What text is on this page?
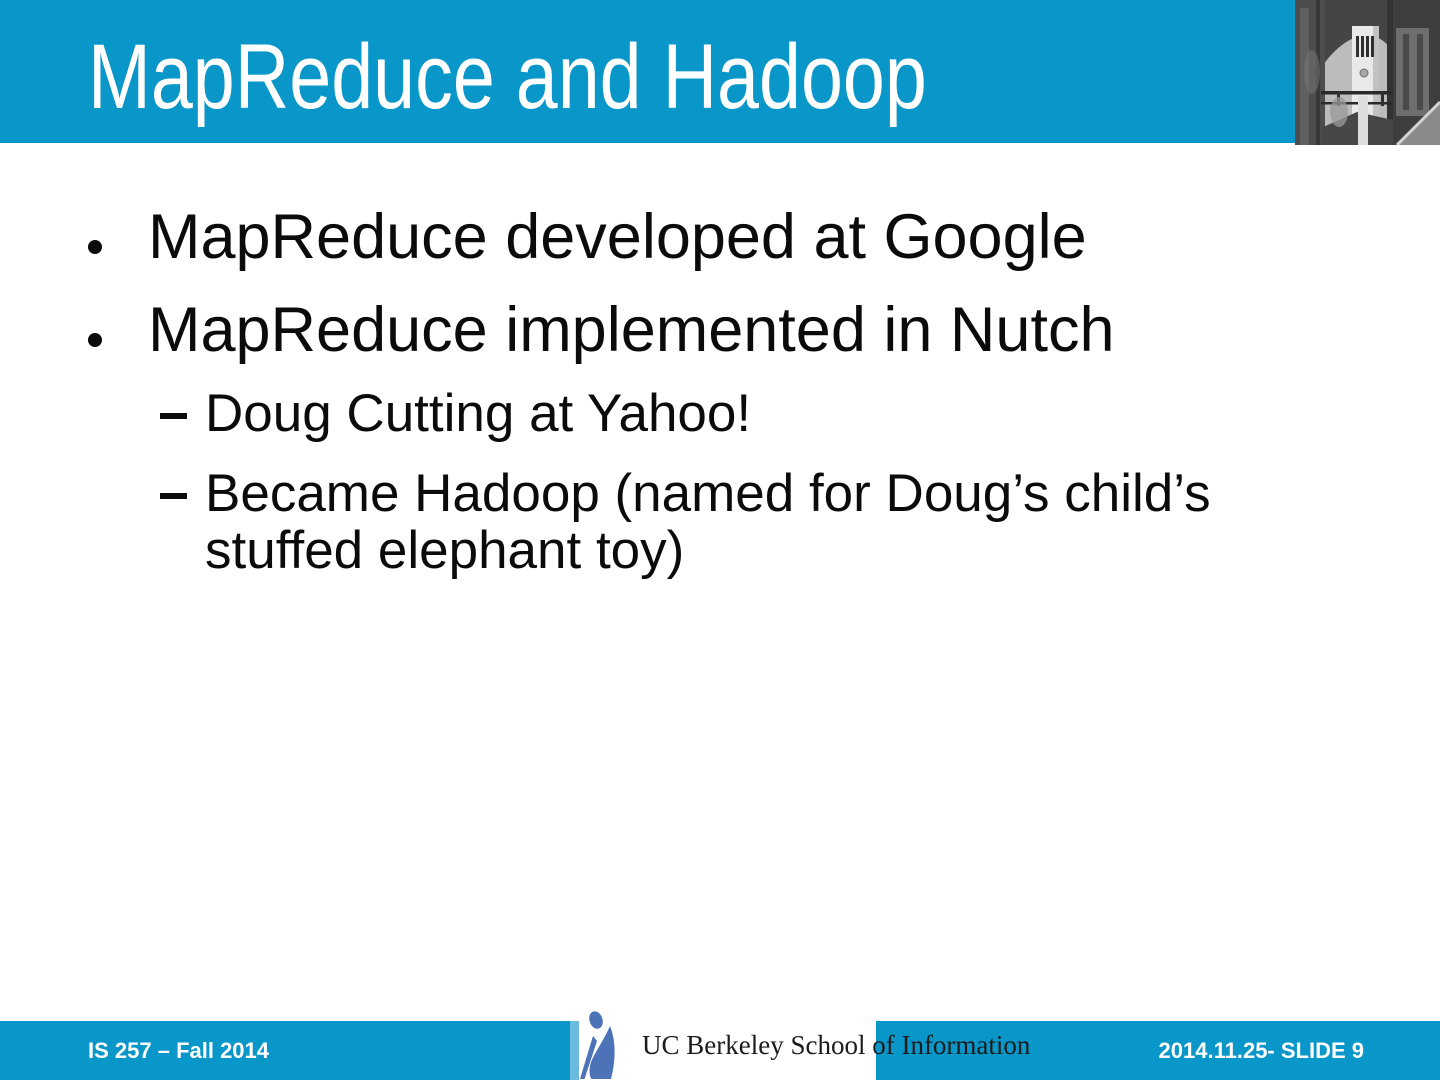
MapReduce and Hadoop
MapReduce developed at Google
MapReduce implemented in Nutch
Doug Cutting at Yahoo!
Became Hadoop (named for Doug’s child’s stuffed elephant toy)
IS 257 – Fall 2014	2014.11.25- SLIDE 9
UC Berkeley School of Information
